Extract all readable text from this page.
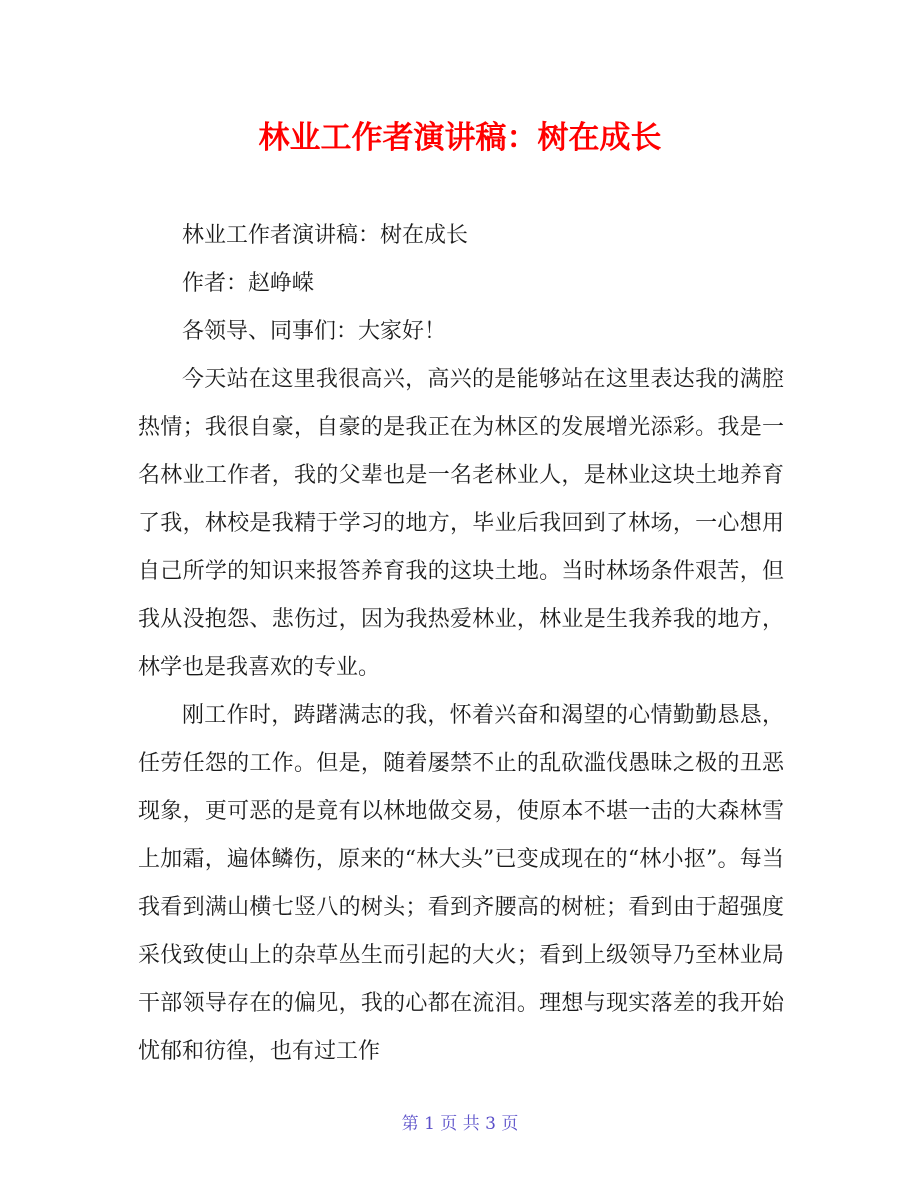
林业工作者演讲稿：树在成长

林业工作者演讲稿：树在成长

作者：赵峥嵘

各领导、同事们：大家好！

今天站在这里我很高兴，高兴的是能够站在这里表达我的满腔热情；我很自豪，自豪的是我正在为林区的发展增光添彩。我是一名林业工作者，我的父辈也是一名老林业人，是林业这块土地养育了我，林校是我精于学习的地方，毕业后我回到了林场，一心想用自己所学的知识来报答养育我的这块土地。当时林场条件艰苦，但我从没抱怨、悲伤过，因为我热爱林业，林业是生我养我的地方，林学也是我喜欢的专业。

刚工作时，踌躇满志的我，怀着兴奋和渴望的心情勤勤恳恳，任劳任怨的工作。但是，随着屡禁不止的乱砍滥伐愚昧之极的丑恶现象，更可恶的是竟有以林地做交易，使原本不堪一击的大森林雪上加霜，遍体鳞伤，原来的“林大头”已变成现在的“林小抠”。每当我看到满山横七竖八的树头；看到齐腰高的树桩；看到由于超强度采伐致使山上的杂草丛生而引起的大火；看到上级领导乃至林业局干部领导存在的偏见，我的心都在流泪。理想与现实落差的我开始忧郁和彷徨，也有过工作

第 1 页 共 3 页
